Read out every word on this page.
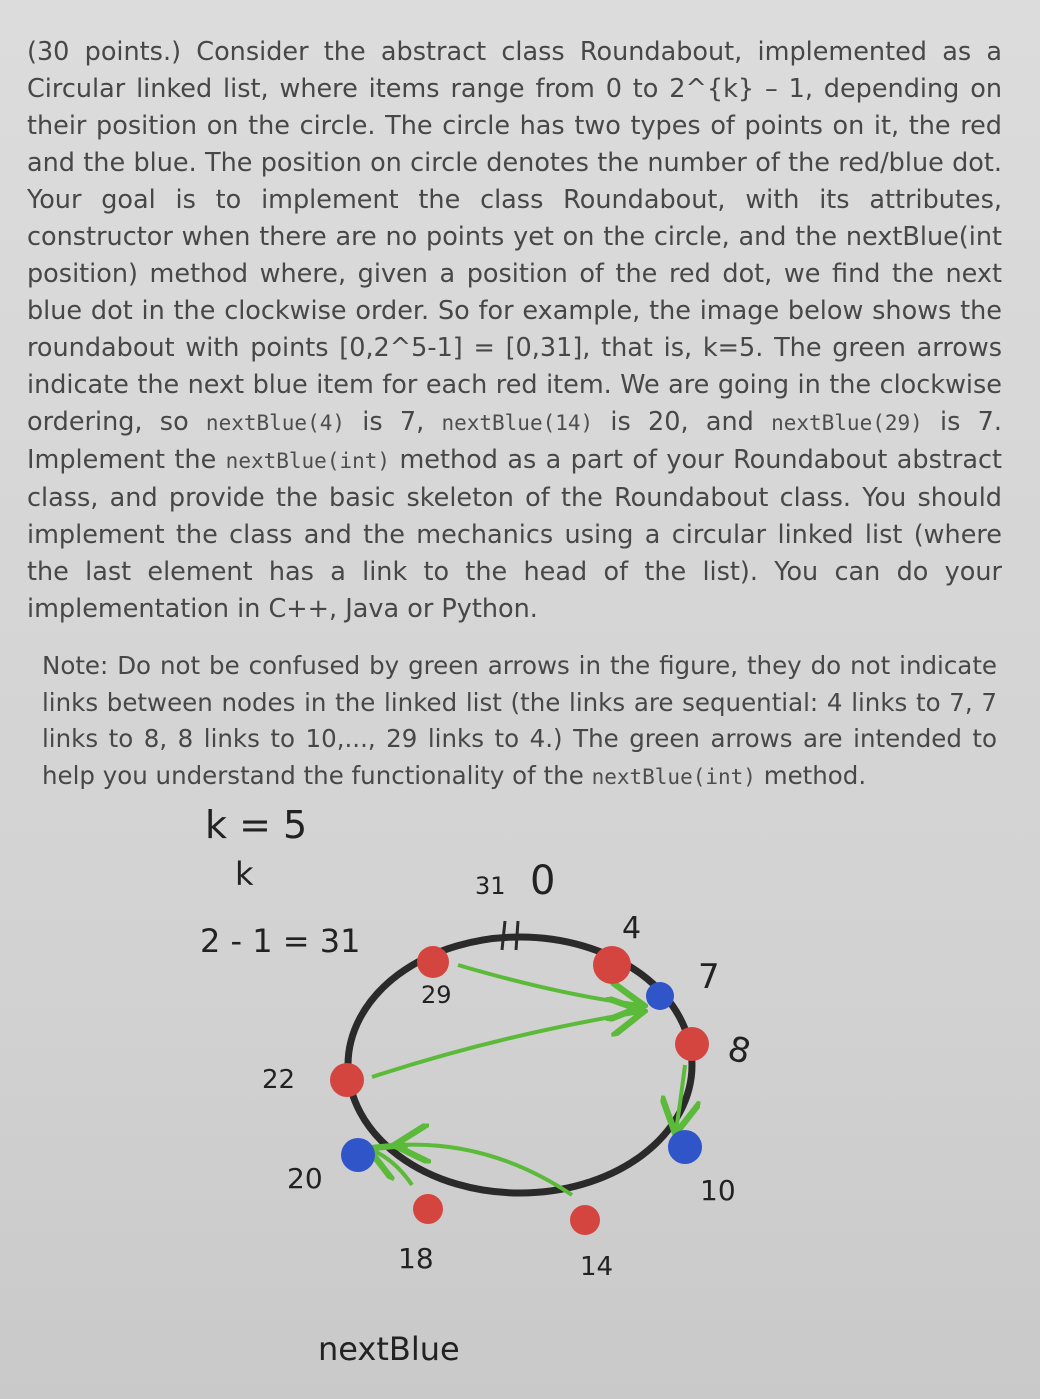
(30 points.) Consider the abstract class Roundabout, implemented as a Circular linked list, where items range from 0 to 2^{k} – 1, depending on their position on the circle. The circle has two types of points on it, the red and the blue. The position on circle denotes the number of the red/blue dot. Your goal is to implement the class Roundabout, with its attributes, constructor when there are no points yet on the circle, and the nextBlue(int position) method where, given a position of the red dot, we find the next blue dot in the clockwise order. So for example, the image below shows the roundabout with points [0,2^5-1] = [0,31], that is, k=5. The green arrows indicate the next blue item for each red item. We are going in the clockwise ordering, so nextBlue(4) is 7, nextBlue(14) is 20, and nextBlue(29) is 7. Implement the nextBlue(int) method as a part of your Roundabout abstract class, and provide the basic skeleton of the Roundabout class. You should implement the class and the mechanics using a circular linked list (where the last element has a link to the head of the list). You can do your implementation in C++, Java or Python.

Note: Do not be confused by green arrows in the figure, they do not indicate links between nodes in the linked list (the links are sequential: 4 links to 7, 7 links to 8, 8 links to 10,..., 29 links to 4.) The green arrows are intended to help you understand the functionality of the nextBlue(int) method.

k = 5
k
2 - 1 = 31
31 0
4
7
8
10
14
18
20
22
29
nextBlue
